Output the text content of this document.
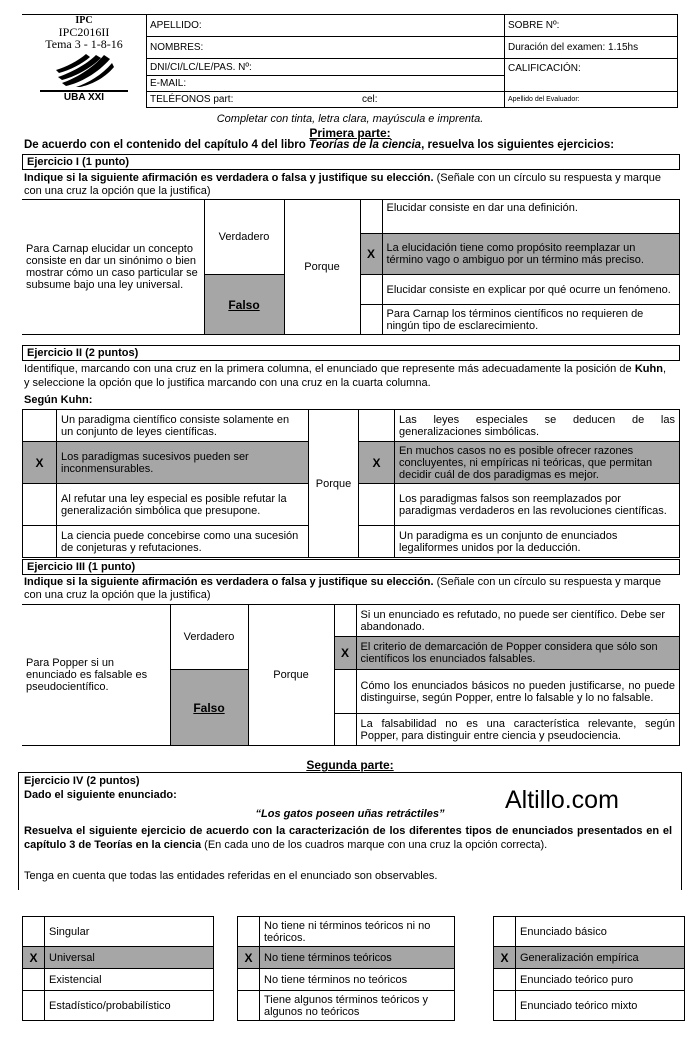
IPC
IPC2016II
Tema 3 - 1-8-16
UBA XXI
APELLIDO:	SOBRE Nº:
NOMBRES:	Duración del examen: 1.15hs
DNI/CI/LC/LE/PAS. Nº:	CALIFICACIÓN:
E-MAIL:	
TELÉFONOS part: cel:	Apellido del Evaluador:
Completar con tinta, letra clara, mayúscula e imprenta.
Primera parte:
De acuerdo con el contenido del capítulo 4 del libro Teorías de la ciencia, resuelva los siguientes ejercicios:
Ejercicio I (1 punto)
Indique si la siguiente afirmación es verdadera o falsa y justifique su elección. (Señale con un círculo su respuesta y marque con una cruz la opción que la justifica)
Para Carnap elucidar un concepto consiste en dar un sinónimo o bien mostrar cómo un caso particular se subsume bajo una ley universal.	Verdadero	Porque		Elucidar consiste en dar una definición.
			X	La elucidación tiene como propósito reemplazar un término vago o ambiguo por un término más preciso.
	Falso			Elucidar consiste en explicar por qué ocurre un fenómeno.
				Para Carnap los términos científicos no requieren de ningún tipo de esclarecimiento.
Ejercicio II (2 puntos)
Identifique, marcando con una cruz en la primera columna, el enunciado que represente más adecuadamente la posición de Kuhn, y seleccione la opción que lo justifica marcando con una cruz en la cuarta columna.
Según Kuhn:
	Un paradigma científico consiste solamente en un conjunto de leyes científicas.	Porque		Las leyes especiales se deducen de las generalizaciones simbólicas.
X	Los paradigmas sucesivos pueden ser inconmensurables.		X	En muchos casos no es posible ofrecer razones concluyentes, ni empíricas ni teóricas, que permitan decidir cuál de dos paradigmas es mejor.
	Al refutar una ley especial es posible refutar la generalización simbólica que presupone.			Los paradigmas falsos son reemplazados por paradigmas verdaderos en las revoluciones científicas.
	La ciencia puede concebirse como una sucesión de conjeturas y refutaciones.			Un paradigma es un conjunto de enunciados legaliformes unidos por la deducción.
Ejercicio III (1 punto)
Indique si la siguiente afirmación es verdadera o falsa y justifique su elección. (Señale con un círculo su respuesta y marque con una cruz la opción que la justifica)
Para Popper si un enunciado es falsable es pseudocientífico.	Verdadero	Porque		Si un enunciado es refutado, no puede ser científico. Debe ser abandonado.
			X	El criterio de demarcación de Popper considera que sólo son científicos los enunciados falsables.
	Falso			Cómo los enunciados básicos no pueden justificarse, no puede distinguirse, según Popper, entre lo falsable y lo no falsable.
				La falsabilidad no es una característica relevante, según Popper, para distinguir entre ciencia y pseudociencia.
Segunda parte:
Ejercicio IV (2 puntos)
Dado el siguiente enunciado:	Altillo.com
“Los gatos poseen uñas retráctiles”
Resuelva el siguiente ejercicio de acuerdo con la caracterización de los diferentes tipos de enunciados presentados en el capítulo 3 de Teorías en la ciencia (En cada uno de los cuadros marque con una cruz la opción correcta).
Tenga en cuenta que todas las entidades referidas en el enunciado son observables.
	Singular
X	Universal
	Existencial
	Estadístico/probabilístico
	No tiene ni términos teóricos ni no teóricos.
X	No tiene términos teóricos
	No tiene términos no teóricos
	Tiene algunos términos teóricos y algunos no teóricos
	Enunciado básico
X	Generalización empírica
	Enunciado teórico puro
	Enunciado teórico mixto
